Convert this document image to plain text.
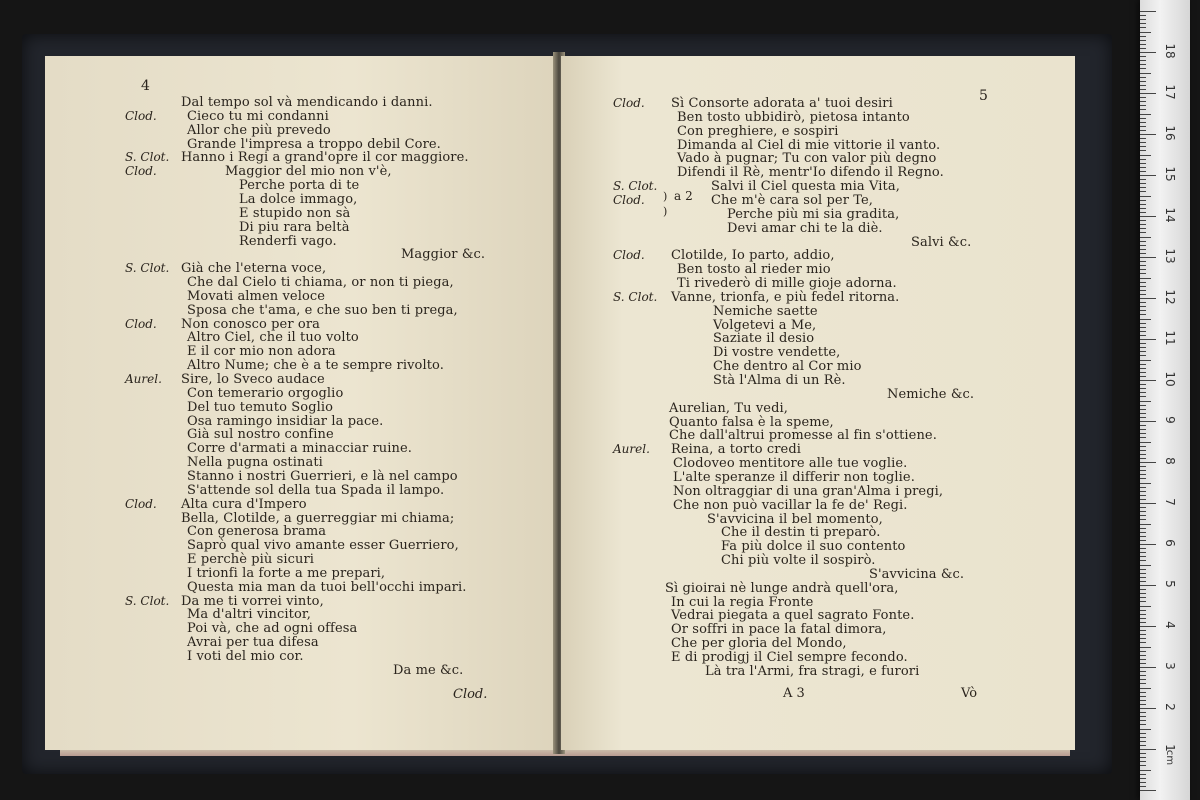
4
Clod.
Dal tempo sol và mendicando i danni.
Clod. Cieco tu mi condanni
Allor che più prevedo
Grande l'impresa a troppo debil Core.
S. Clot. Hanno i Regi a grand'opre il cor maggiore.
Clod.	Maggior del mio non v'è,
Perche porta di te
La dolce immago,
E stupido non sà
Di piu rara beltà
Renderfi vago.
Maggior &c.
S. Clot. Già che l'eterna voce,
Che dal Cielo ti chiama, or non ti piega,
Movati almen veloce
Sposa che t'ama, e che suo ben ti prega,
Clod. Non conosco per ora
Altro Ciel, che il tuo volto
E il cor mio non adora
Altro Nume; che è a te sempre rivolto.
Aurel. Sire, lo Sveco audace
Con temerario orgoglio
Del tuo temuto Soglio
Osa ramingo insidiar la pace.
Già sul nostro confine
Corre d'armati a minacciar ruine.
Nella pugna ostinati
Stanno i nostri Guerrieri, e là nel campo
S'attende sol della tua Spada il lampo.
Clod. Alta cura d'Impero
Bella, Clotilde, a guerreggiar mi chiama;
Con generosa brama
Saprò qual vivo amante esser Guerriero,
E perchè più sicuri
I trionfi la forte a me prepari,
Questa mia man da tuoi bell'occhi impari.
S. Clot. Da me ti vorrei vinto,
Ma d'altri vincitor,
Poi và, che ad ogni offesa
Avrai per tua difesa
I voti del mio cor.
Da me &c.
5
A 3	Vò
)
)
a 2
Clod. Sì Consorte adorata a' tuoi desiri
Ben tosto ubbidirò, pietosa intanto
Con preghiere, e sospiri
Dimanda al Ciel di mie vittorie il vanto.
Vado à pugnar; Tu con valor più degno
Difendi il Rè, mentr'Io difendo il Regno.
S. Clot.	Salvi il Ciel questa mia Vita,
Clod.	Che m'è cara sol per Te,
Perche più mi sia gradita,
Devi amar chi te la diè.
Salvi &c.
Clod. Clotilde, Io parto, addio,
Ben tosto al rieder mio
Ti rivederò di mille gioje adorna.
S. Clot. Vanne, trionfa, e più fedel ritorna.
Nemiche saette
Volgetevi a Me,
Saziate il desio
Di vostre vendette,
Che dentro al Cor mio
Stà l'Alma di un Rè.
Nemiche &c.
Aurelian, Tu vedi,
Quanto falsa è la speme,
Che dall'altrui promesse al fin s'ottiene.
Aurel. Reina, a torto credi
Clodoveo mentitore alle tue voglie.
L'alte speranze il differir non toglie.
Non oltraggiar di una gran'Alma i pregi,
Che non può vacillar la fe de' Regi.
S'avvicina il bel momento,
Che il destin ti preparò.
Fa più dolce il suo contento
Chi più volte il sospirò.
S'avvicina &c.
Sì gioirai nè lunge andrà quell'ora,
In cui la regia Fronte
Vedrai piegata a quel sagrato Fonte.
Or soffri in pace la fatal dimora,
Che per gloria del Mondo,
E di prodigj il Ciel sempre fecondo.
Là tra l'Armi, fra stragi, e furori
cm
1
2
3
4
5
6
7
8
9
10
11
12
13
14
15
16
17
18
